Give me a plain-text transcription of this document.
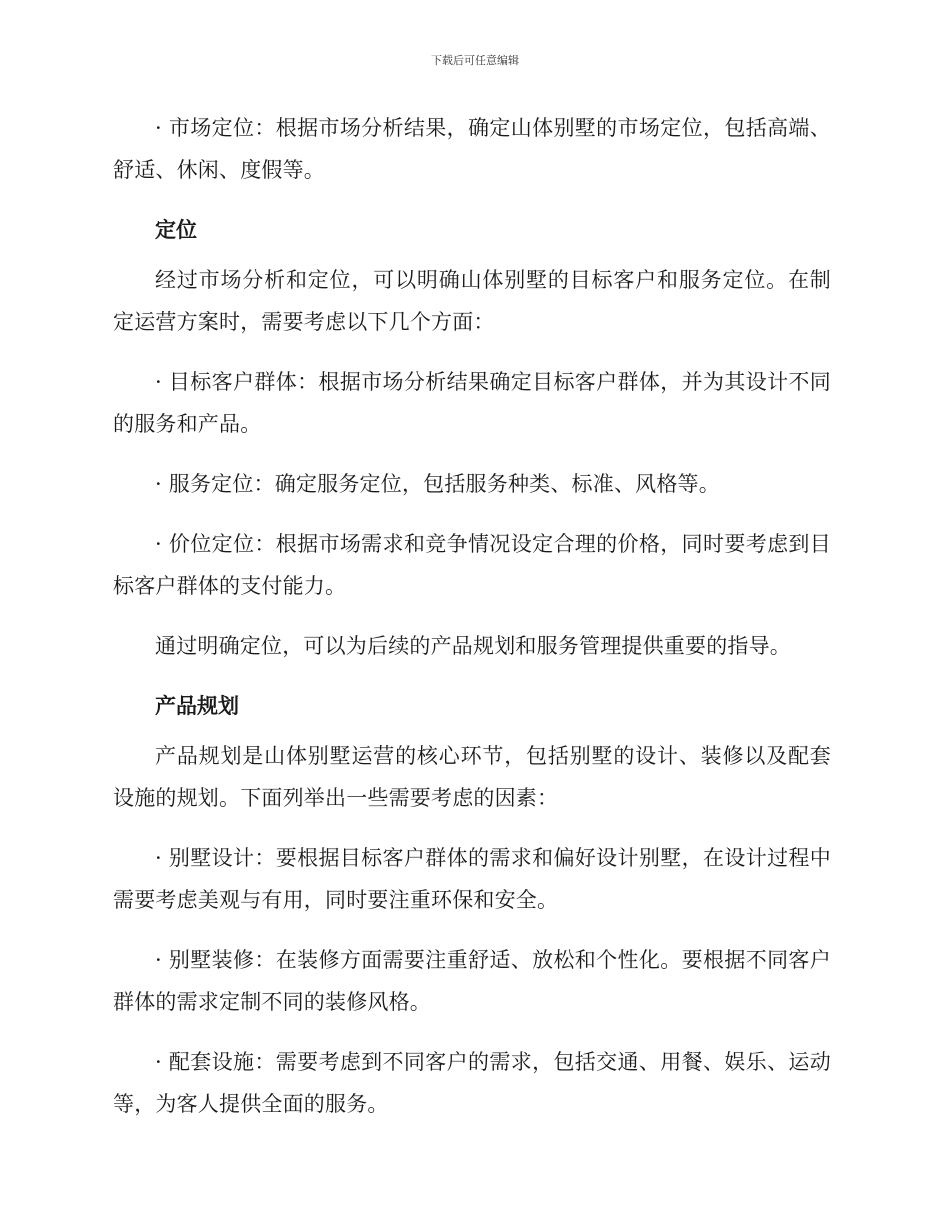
下载后可任意编辑

· 市场定位：根据市场分析结果，确定山体别墅的市场定位，包括高端、舒适、休闲、度假等。

定位

经过市场分析和定位，可以明确山体别墅的目标客户和服务定位。在制定运营方案时，需要考虑以下几个方面：

· 目标客户群体：根据市场分析结果确定目标客户群体，并为其设计不同的服务和产品。

· 服务定位：确定服务定位，包括服务种类、标准、风格等。

· 价位定位：根据市场需求和竞争情况设定合理的价格，同时要考虑到目标客户群体的支付能力。

通过明确定位，可以为后续的产品规划和服务管理提供重要的指导。

产品规划

产品规划是山体别墅运营的核心环节，包括别墅的设计、装修以及配套设施的规划。下面列举出一些需要考虑的因素：

· 别墅设计：要根据目标客户群体的需求和偏好设计别墅，在设计过程中需要考虑美观与有用，同时要注重环保和安全。

· 别墅装修：在装修方面需要注重舒适、放松和个性化。要根据不同客户群体的需求定制不同的装修风格。

· 配套设施：需要考虑到不同客户的需求，包括交通、用餐、娱乐、运动等，为客人提供全面的服务。
